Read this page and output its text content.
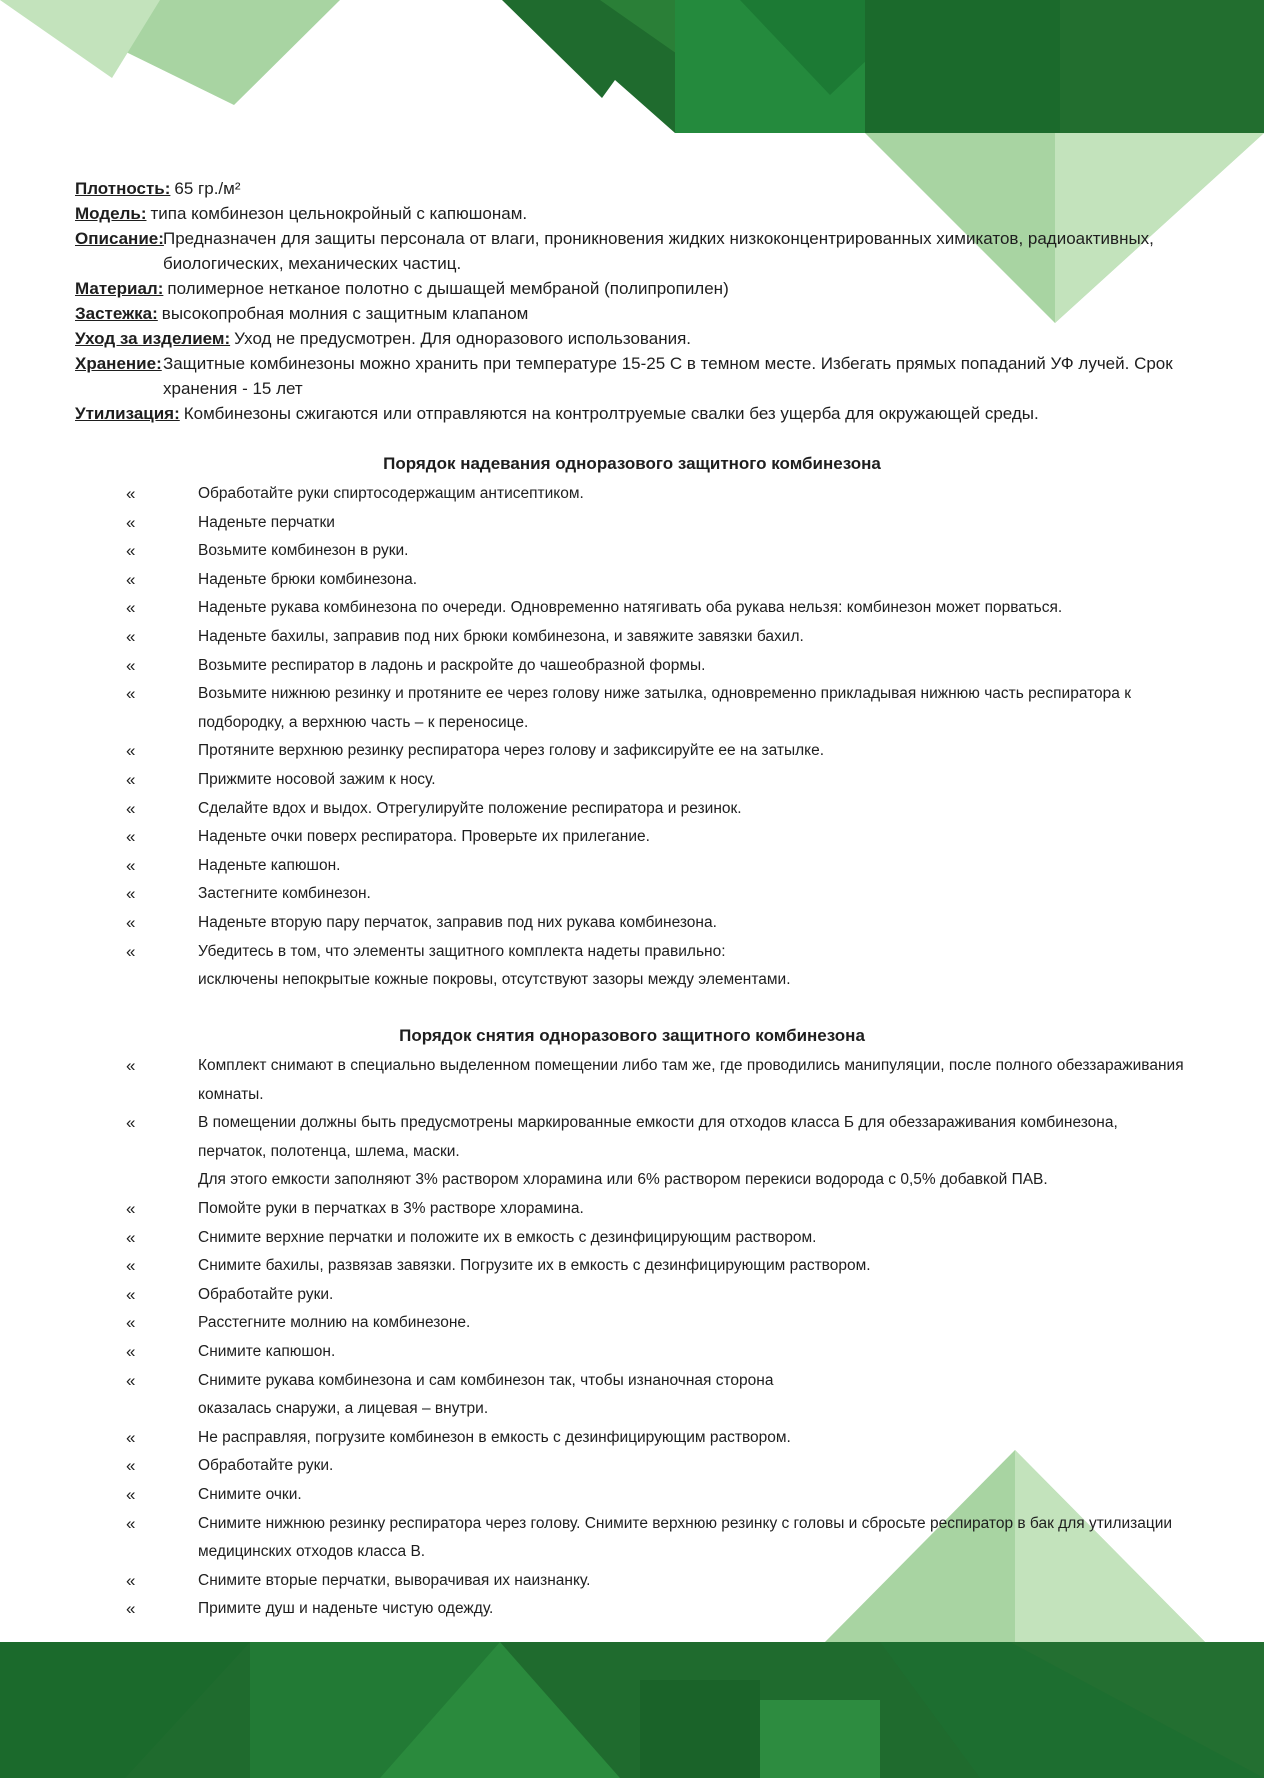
Плотность: 65 гр./м²
Модель: типа комбинезон цельнокройный с капюшонам.
Описание: Предназначен для защиты персонала от влаги, проникновения жидких низкоконцентрированных химикатов, радиоактивных, биологических, механических частиц.
Материал: полимерное нетканое полотно с дышащей мембраной (полипропилен)
Застежка: высокопробная молния с защитным клапаном
Уход за изделием: Уход не предусмотрен. Для одноразового использования.
Хранение: Защитные комбинезоны можно хранить при температуре 15-25 С в темном месте. Избегать прямых попаданий УФ лучей. Срок хранения - 15 лет
Утилизация: Комбинезоны сжигаются или отправляются на контролтруемые свалки без ущерба для окружающей среды.
Порядок надевания одноразового защитного комбинезона
«	Обработайте руки спиртосодержащим антисептиком.
«	Наденьте перчатки
«	Возьмите комбинезон в руки.
«	Наденьте брюки комбинезона.
«	Наденьте рукава комбинезона по очереди. Одновременно натягивать оба рукава нельзя: комбинезон может порваться.
«	Наденьте бахилы, заправив под них брюки комбинезона, и завяжите завязки бахил.
«	Возьмите респиратор в ладонь и раскройте до чашеобразной формы.
«	Возьмите нижнюю резинку и протяните ее через голову ниже затылка, одновременно прикладывая нижнюю часть респиратора к подбородку, а верхнюю часть – к переносице.
«	Протяните верхнюю резинку респиратора через голову и зафиксируйте ее на затылке.
«	Прижмите носовой зажим к носу.
«	Сделайте вдох и выдох. Отрегулируйте положение респиратора и резинок.
«	Наденьте очки поверх респиратора. Проверьте их прилегание.
«	Наденьте капюшон.
«	Застегните комбинезон.
«	Наденьте вторую пару перчаток, заправив под них рукава комбинезона.
«	Убедитесь в том, что элементы защитного комплекта надеты правильно:
исключены непокрытые кожные покровы, отсутствуют зазоры между элементами.
Порядок снятия одноразового защитного комбинезона
«	Комплект снимают в специально выделенном помещении либо там же, где проводились манипуляции, после полного обеззараживания комнаты.
«	В помещении должны быть предусмотрены маркированные емкости для отходов класса Б для обеззараживания комбинезона, перчаток, полотенца, шлема, маски.
Для этого емкости заполняют 3% раствором хлорамина или 6% раствором перекиси водорода с 0,5% добавкой ПАВ.
«	Помойте руки в перчатках в 3% растворе хлорамина.
«	Снимите верхние перчатки и положите их в емкость с дезинфицирующим раствором.
«	Снимите бахилы, развязав завязки. Погрузите их в емкость с дезинфицирующим раствором.
«	Обработайте руки.
«	Расстегните молнию на комбинезоне.
«	Снимите капюшон.
«	Снимите рукава комбинезона и сам комбинезон так, чтобы изнаночная сторона
оказалась снаружи, а лицевая – внутри.
«	Не расправляя, погрузите комбинезон в емкость с дезинфицирующим раствором.
«	Обработайте руки.
«	Снимите очки.
«	Снимите нижнюю резинку респиратора через голову. Снимите верхнюю резинку с головы и сбросьте респиратор в бак для утилизации медицинских отходов класса В.
«	Снимите вторые перчатки, выворачивая их наизнанку.
«	Примите душ и наденьте чистую одежду.
